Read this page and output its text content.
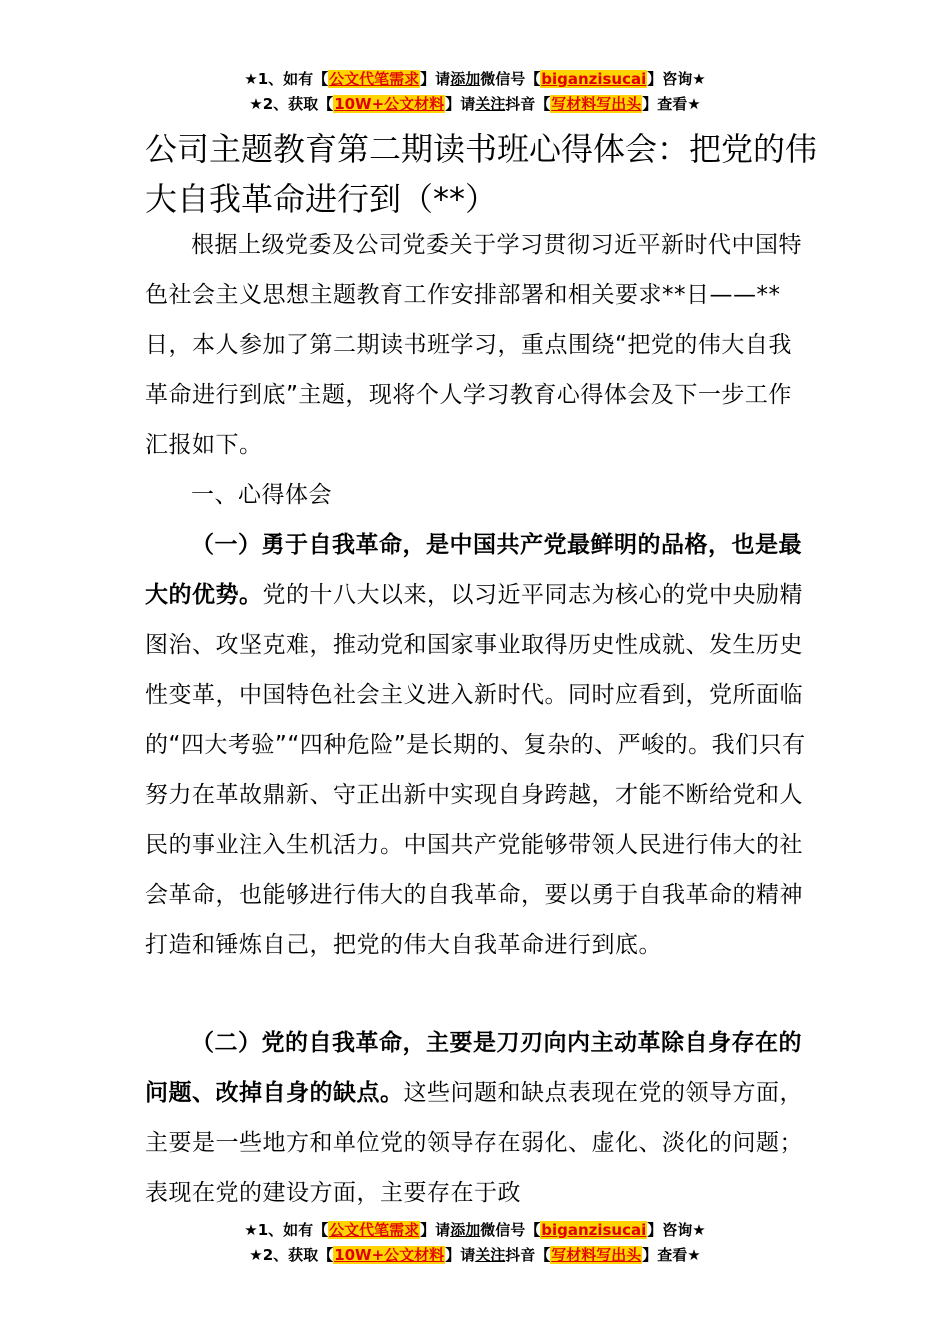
★1、如有【公文代笔需求】请添加微信号【biganzisucai】咨询★
★2、获取【10W+公文材料】请关注抖音【写材料写出头】查看★
公司主题教育第二期读书班心得体会：把党的伟大自我革命进行到（**）

根据上级党委及公司党委关于学习贯彻习近平新时代中国特色社会主义思想主题教育工作安排部署和相关要求**日——**日，本人参加了第二期读书班学习，重点围绕“把党的伟大自我革命进行到底”主题，现将个人学习教育心得体会及下一步工作汇报如下。

一、心得体会

（一）勇于自我革命，是中国共产党最鲜明的品格，也是最大的优势。党的十八大以来，以习近平同志为核心的党中央励精图治、攻坚克难，推动党和国家事业取得历史性成就、发生历史性变革，中国特色社会主义进入新时代。同时应看到，党所面临的“四大考验”“四种危险”是长期的、复杂的、严峻的。我们只有努力在革故鼎新、守正出新中实现自身跨越，才能不断给党和人民的事业注入生机活力。中国共产党能够带领人民进行伟大的社会革命，也能够进行伟大的自我革命，要以勇于自我革命的精神打造和锤炼自己，把党的伟大自我革命进行到底。

（二）党的自我革命，主要是刀刃向内主动革除自身存在的问题、改掉自身的缺点。这些问题和缺点表现在党的领导方面，主要是一些地方和单位党的领导存在弱化、虚化、淡化的问题；表现在党的建设方面，主要存在于政

★1、如有【公文代笔需求】请添加微信号【biganzisucai】咨询★
★2、获取【10W+公文材料】请关注抖音【写材料写出头】查看★
